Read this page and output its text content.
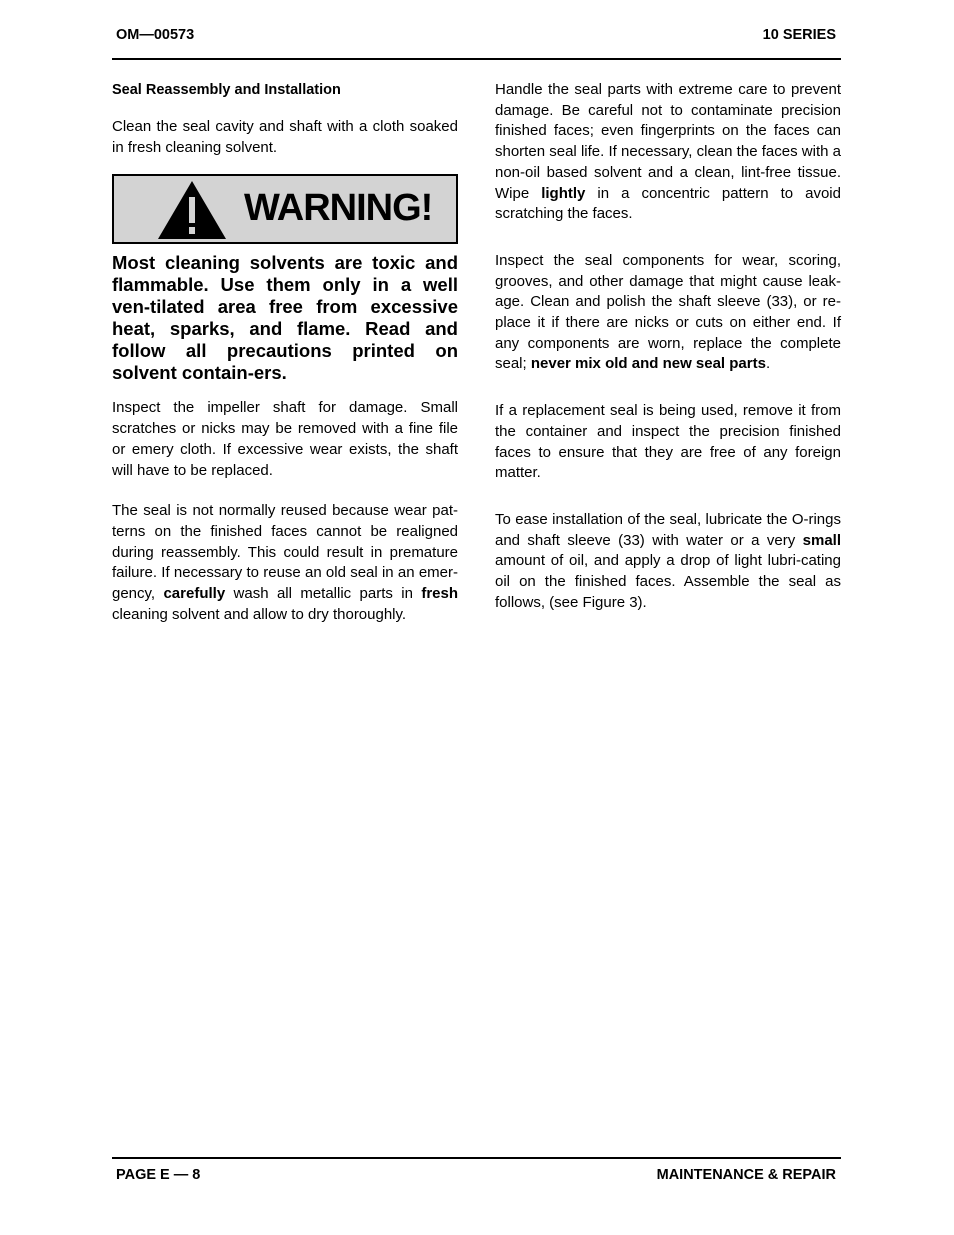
OM—00573	10 SERIES
Seal Reassembly and Installation

Clean the seal cavity and shaft with a cloth soaked in fresh cleaning solvent.

WARNING!
Most cleaning solvents are toxic and flammable. Use them only in a well ven-tilated area free from excessive heat, sparks, and flame. Read and follow all precautions printed on solvent contain-ers.

Inspect the impeller shaft for damage. Small scratches or nicks may be removed with a fine file or emery cloth. If excessive wear exists, the shaft will have to be replaced.

The seal is not normally reused because wear pat-terns on the finished faces cannot be realigned during reassembly. This could result in premature failure. If necessary to reuse an old seal in an emer-gency, carefully wash all metallic parts in fresh cleaning solvent and allow to dry thoroughly.

Handle the seal parts with extreme care to prevent damage. Be careful not to contaminate precision finished faces; even fingerprints on the faces can shorten seal life. If necessary, clean the faces with a non-oil based solvent and a clean, lint-free tissue. Wipe lightly in a concentric pattern to avoid scratching the faces.

Inspect the seal components for wear, scoring, grooves, and other damage that might cause leak-age. Clean and polish the shaft sleeve (33), or re-place it if there are nicks or cuts on either end. If any components are worn, replace the complete seal; never mix old and new seal parts.

If a replacement seal is being used, remove it from the container and inspect the precision finished faces to ensure that they are free of any foreign matter.

To ease installation of the seal, lubricate the O-rings and shaft sleeve (33) with water or a very small amount of oil, and apply a drop of light lubri-cating oil on the finished faces. Assemble the seal as follows, (see Figure 3).

PAGE E — 8	MAINTENANCE & REPAIR
